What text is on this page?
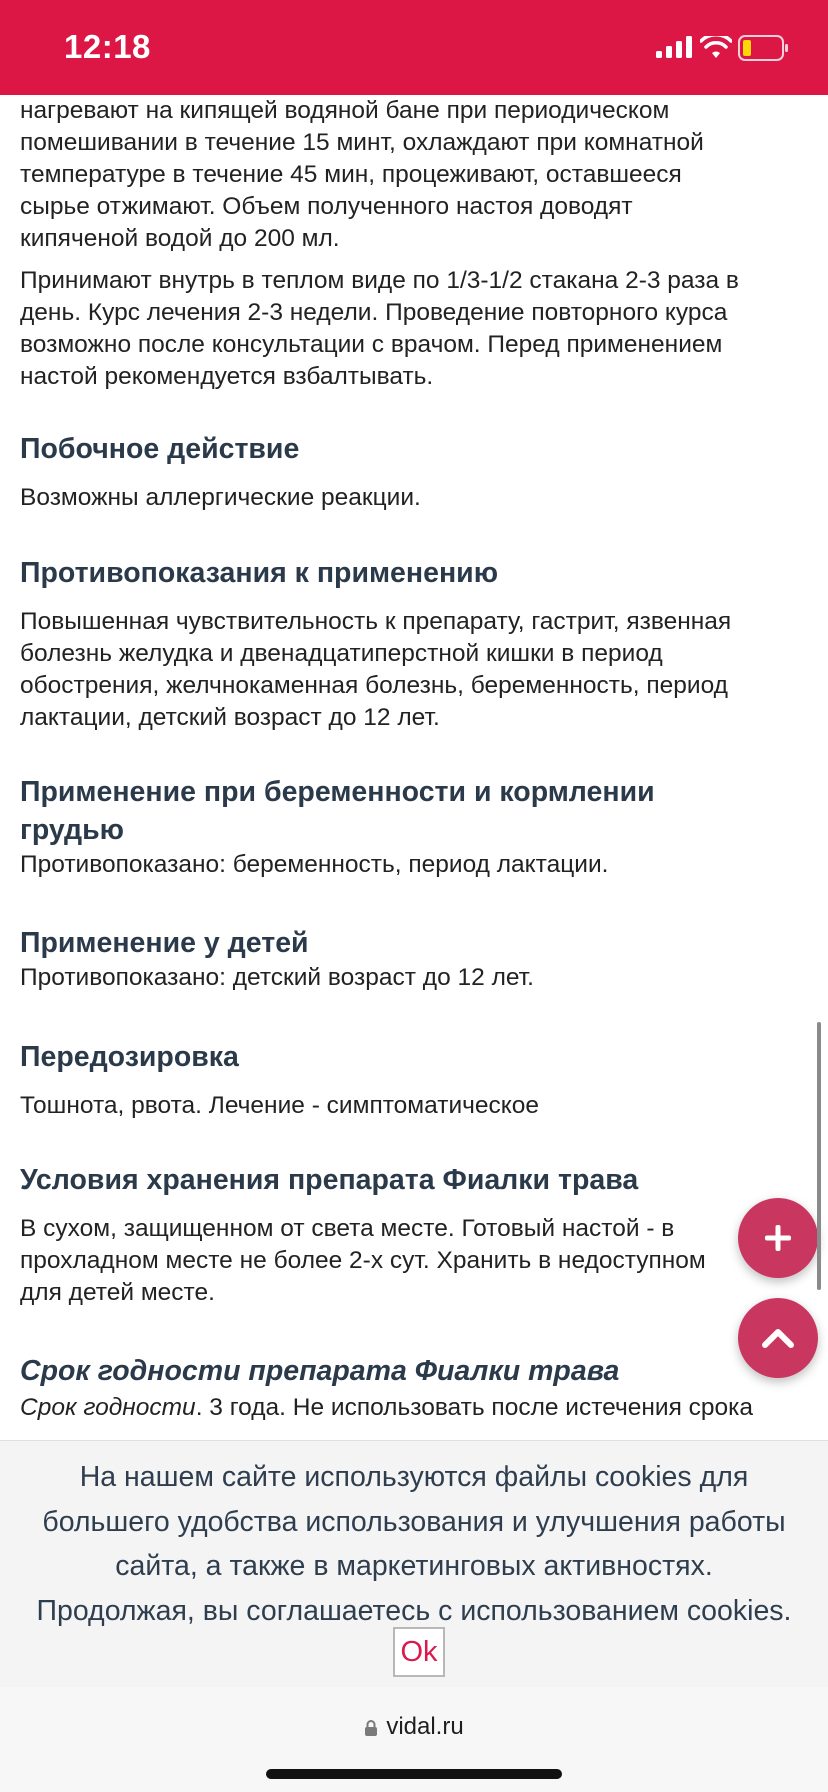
12:18

нагревают на кипящей водяной бане при периодическом

помешивании в течение 15 минт, охлаждают при комнатной

температуре в течение 45 мин, процеживают, оставшееся

сырье отжимают. Объем полученного настоя доводят

кипяченой водой до 200 мл.

Принимают внутрь в теплом виде по 1/3-1/2 стакана 2-3 раза в

день. Курс лечения 2-3 недели. Проведение повторного курса

возможно после консультации с врачом. Перед применением

настой рекомендуется взбалтывать.

Побочное действие

Возможны аллергические реакции.

Противопоказания к применению

Повышенная чувствительность к препарату, гастрит, язвенная

болезнь желудка и двенадцатиперстной кишки в период

обострения, желчнокаменная болезнь, беременность, период

лактации, детский возраст до 12 лет.

Применение при беременности и кормлении
грудью

Противопоказано: беременность, период лактации.

Применение у детей

Противопоказано: детский возраст до 12 лет.

Передозировка

Тошнота, рвота. Лечение - симптоматическое

Условия хранения препарата Фиалки трава

В сухом, защищенном от света месте. Готовый настой - в

прохладном месте не более 2-х сут. Хранить в недоступном

для детей месте.

Срок годности препарата Фиалки трава

Срок годности. 3 года. Не использовать после истечения срока

На нашем сайте используются файлы cookies для
большего удобства использования и улучшения работы
сайта, а также в маркетинговых активностях.
Продолжая, вы соглашаетесь с использованием cookies.
Ok
vidal.ru
